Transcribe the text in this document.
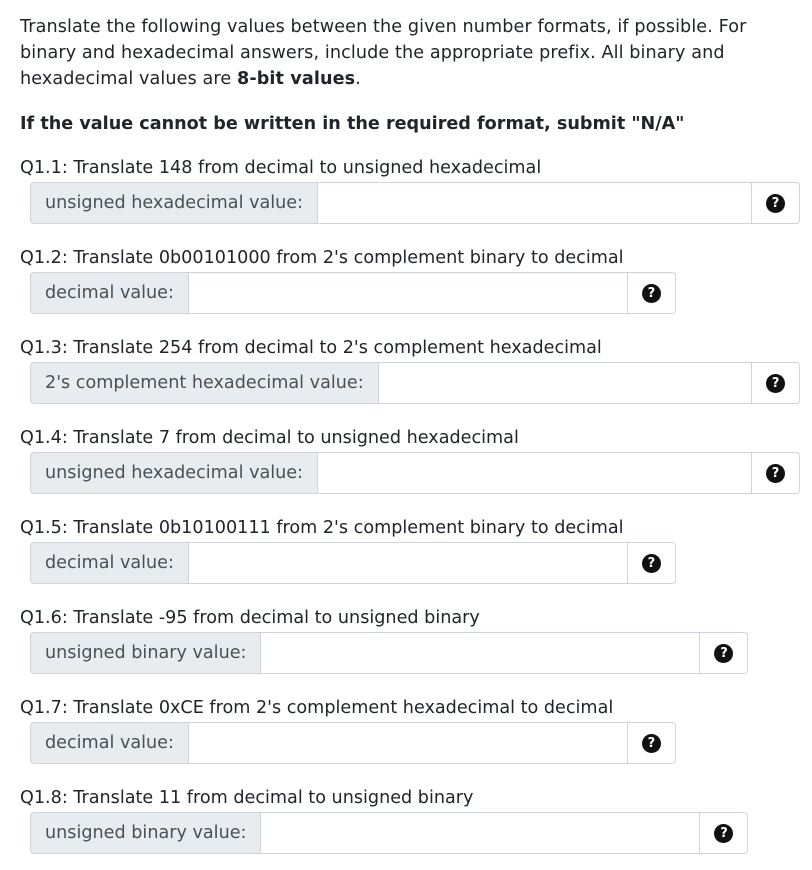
Translate the following values between the given number formats, if possible. For binary and hexadecimal answers, include the appropriate prefix. All binary and hexadecimal values are 8-bit values.

If the value cannot be written in the required format, submit "N/A"

Q1.1: Translate 148 from decimal to unsigned hexadecimal
unsigned hexadecimal value:	?
Q1.2: Translate 0b00101000 from 2's complement binary to decimal
decimal value:	?
Q1.3: Translate 254 from decimal to 2's complement hexadecimal
2's complement hexadecimal value:	?
Q1.4: Translate 7 from decimal to unsigned hexadecimal
unsigned hexadecimal value:	?
Q1.5: Translate 0b10100111 from 2's complement binary to decimal
decimal value:	?
Q1.6: Translate -95 from decimal to unsigned binary
unsigned binary value:	?
Q1.7: Translate 0xCE from 2's complement hexadecimal to decimal
decimal value:	?
Q1.8: Translate 11 from decimal to unsigned binary
unsigned binary value:	?
